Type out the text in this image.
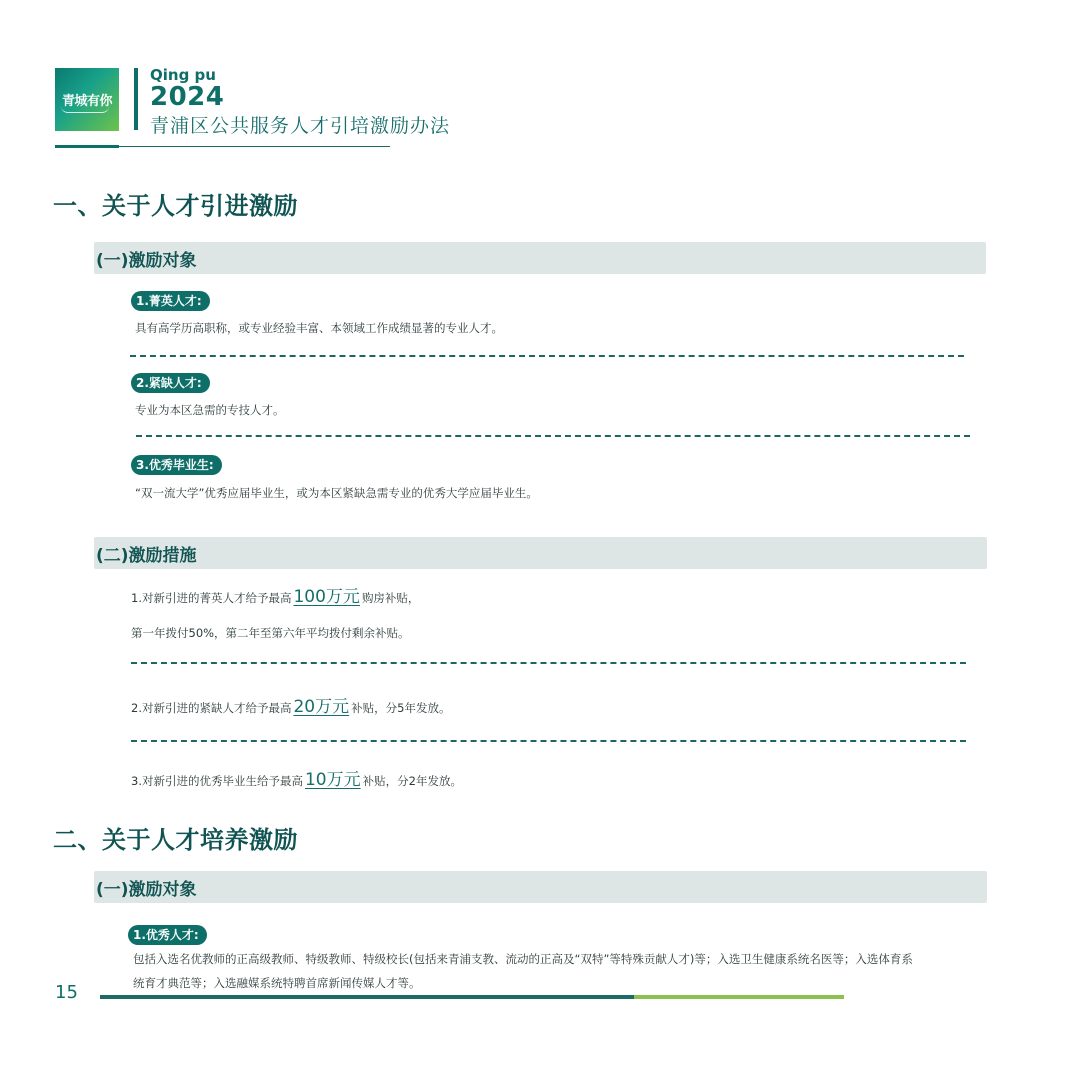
青城有你
Qing pu
2024
青浦区公共服务人才引培激励办法
一、关于人才引进激励
(一)激励对象
1.菁英人才:
具有高学历高职称，或专业经验丰富、本领域工作成绩显著的专业人才。
2.紧缺人才:
专业为本区急需的专技人才。
3.优秀毕业生:
“双一流大学”优秀应届毕业生，或为本区紧缺急需专业的优秀大学应届毕业生。
(二)激励措施
1.对新引进的菁英人才给予最高 100万元 购房补贴，
第一年拨付50%，第二年至第六年平均拨付剩余补贴。
2.对新引进的紧缺人才给予最高 20万元 补贴，分5年发放。
3.对新引进的优秀毕业生给予最高 10万元 补贴，分2年发放。
二、关于人才培养激励
(一)激励对象
1.优秀人才:
包括入选名优教师的正高级教师、特级教师、特级校长(包括来青浦支教、流动的正高及“双特”等特殊贡献人才)等；入选卫生健康系统名医等；入选体育系
统育才典范等；入选融媒系统特聘首席新闻传媒人才等。
15
